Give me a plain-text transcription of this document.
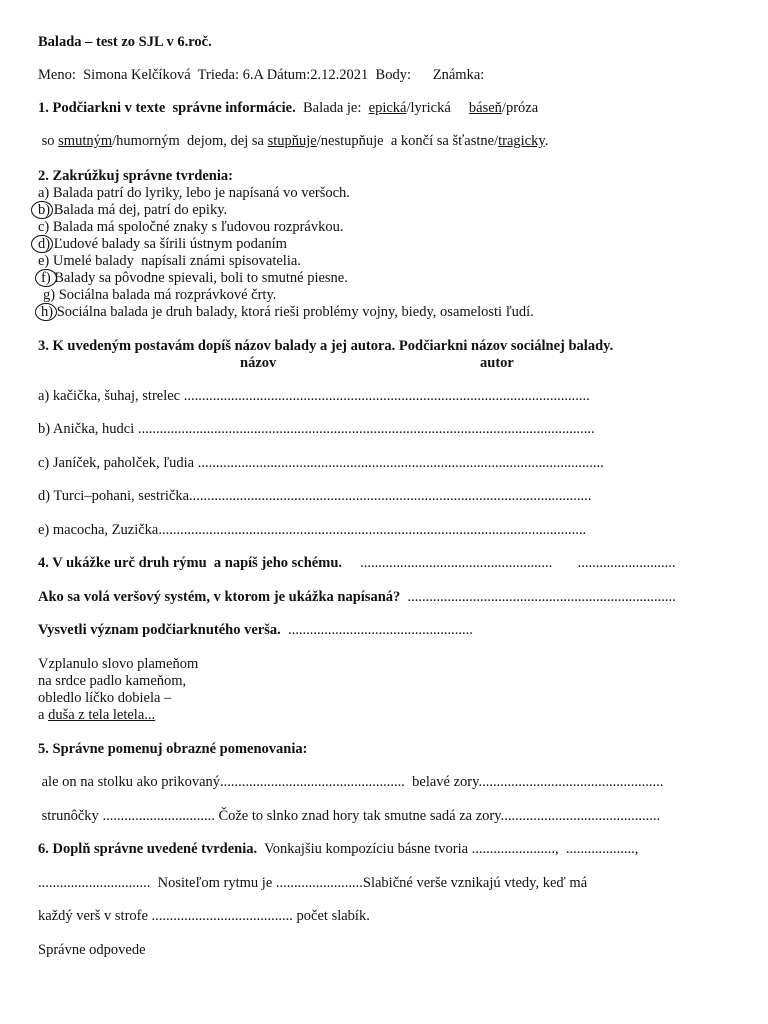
Balada – test zo SJL v 6.roč.
Meno: Simona Kelčíková Trieda: 6.A Dátum:2.12.2021 Body: Známka:
1. Podčiarkni v texte  správne informácie. Balada je: epická/lyrická báseň/próza
so smutným/humorným  dejom, dej sa stupňuje/nestupňuje  a končí sa šťastne/tragicky.
2. Zakrúžkuj správne tvrdenia:
a) Balada patrí do lyriky, lebo je napísaná vo veršoch.
b) Balada má dej, patrí do epiky.
c) Balada má spoločné znaky s ľudovou rozprávkou.
d) Ľudové balady sa šírili ústnym podaním
e) Umelé balady  napísali známi spisovatelia.
f) Balady sa pôvodne spievali, boli to smutné piesne.
g) Sociálna balada má rozprávkové črty.
h) Sociálna balada je druh balady, ktorá rieši problémy vojny, biedy, osamelosti ľudí.
3. K uvedeným postavám dopíš názov balady a jej autora. Podčiarkni názov sociálnej balady.
názov	autor
a) kačička, šuhaj, strelec ................................................................................................................
b) Anička, hudci ..............................................................................................................................
c) Janíček, paholček, ľudia ................................................................................................................
d) Turci–pohani, sestrička...............................................................................................................
e) macocha, Zuzička......................................................................................................................
4. V ukážke urč druh rýmu  a napíš jeho schému. ..................................................... ...........................
Ako sa volá veršový systém, v ktorom je ukážka napísaná? ..........................................................................
Vysvetli význam podčiarknutého verša. ...................................................
Vzplanulo slovo plameňom
na srdce padlo kameňom,
obledlo líčko dobiela –
a duša z tela letela...
5. Správne pomenuj obrazné pomenovania:
ale on na stolku ako prikovaný................................................... belavé zory...................................................
strunôčky ............................... Čože to slnko znad hory tak smutne sadá za zory............................................
6. Doplň správne uvedené tvrdenia. Vonkajšiu kompozíciu básne tvoria ......................., ...................,
............................... Nositeľom rytmu je ........................Slabičné verše vznikajú vtedy, keď má
každý verš v strofe ....................................... počet slabík.
Správne odpovede
